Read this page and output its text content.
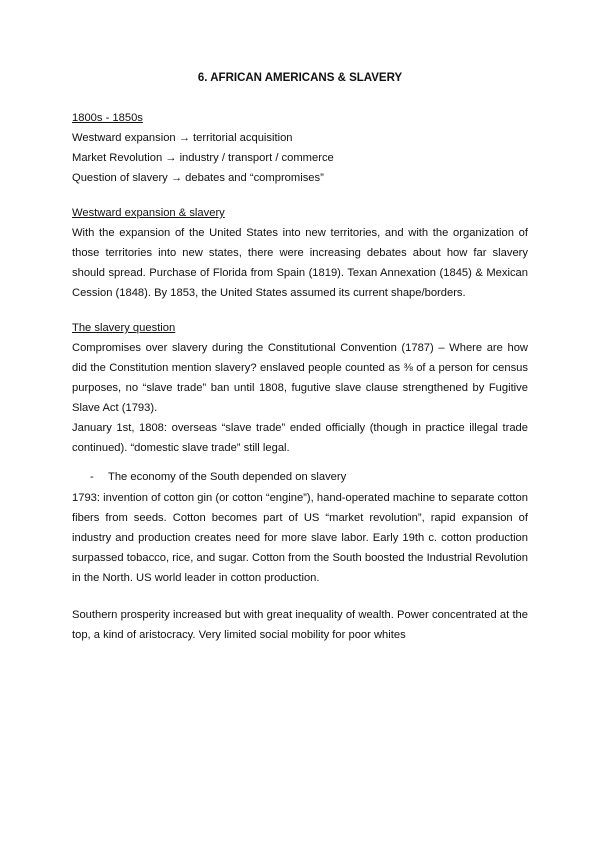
6. AFRICAN AMERICANS & SLAVERY
1800s - 1850s
Westward expansion → territorial acquisition
Market Revolution → industry / transport / commerce
Question of slavery → debates and “compromises”
Westward expansion & slavery
With the expansion of the United States into new territories, and with the organization of those territories into new states, there were increasing debates about how far slavery should spread. Purchase of Florida from Spain (1819). Texan Annexation (1845) & Mexican Cession (1848). By 1853, the United States assumed its current shape/borders.
The slavery question
Compromises over slavery during the Constitutional Convention (1787) – Where are how did the Constitution mention slavery? enslaved people counted as ⅜ of a person for census purposes, no “slave trade” ban until 1808, fugutive slave clause strengthened by Fugitive Slave Act (1793).
January 1st, 1808: overseas “slave trade” ended officially (though in practice illegal trade continued). “domestic slave trade” still legal.
- The economy of the South depended on slavery
1793: invention of cotton gin (or cotton “engine”), hand-operated machine to separate cotton fibers from seeds. Cotton becomes part of US “market revolution”, rapid expansion of industry and production creates need for more slave labor. Early 19th c. cotton production surpassed tobacco, rice, and sugar. Cotton from the South boosted the Industrial Revolution in the North. US world leader in cotton production.
Southern prosperity increased but with great inequality of wealth. Power concentrated at the top, a kind of aristocracy. Very limited social mobility for poor whites
